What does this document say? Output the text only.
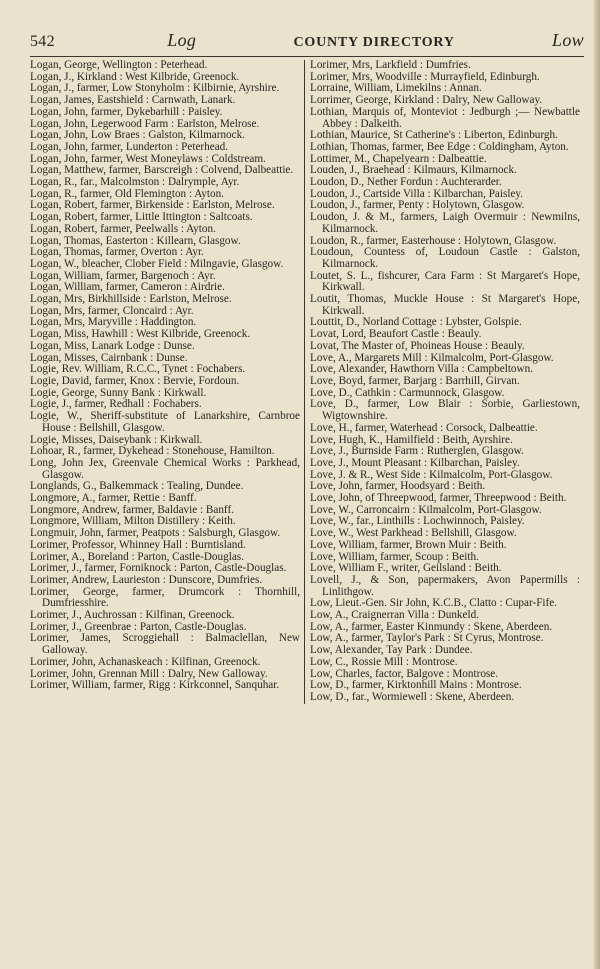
542	Log	COUNTY DIRECTORY	Low

Logan, George, Wellington : Peterhead.

Logan, J., Kirkland : West Kilbride, Greenock.

Logan, J., farmer, Low Stonyholm : Kilbirnie, Ayrshire.

Logan, James, Eastshield : Carnwath, Lanark.

Logan, John, farmer, Dykebarhill : Paisley.

Logan, John, Legerwood Farm : Earlston, Melrose.

Logan, John, Low Braes : Galston, Kilmarnock.

Logan, John, farmer, Lunderton : Peterhead.

Logan, John, farmer, West Moneylaws : Coldstream.

Logan, Matthew, farmer, Barscreigh : Colvend, Dalbeattie.

Logan, R., far., Malcolmston : Dalrymple, Ayr.

Logan, R., farmer, Old Flemington : Ayton.

Logan, Robert, farmer, Birkenside : Earlston, Melrose.

Logan, Robert, farmer, Little Ittington : Saltcoats.

Logan, Robert, farmer, Peelwalls : Ayton.

Logan, Thomas, Easterton : Killearn, Glasgow.

Logan, Thomas, farmer, Overton : Ayr.

Logan, W., bleacher, Clober Field : Milngavie, Glasgow.

Logan, William, farmer, Bargenoch : Ayr.

Logan, William, farmer, Cameron : Airdrie.

Logan, Mrs, Birkhillside : Earlston, Melrose.

Logan, Mrs, farmer, Cloncaird : Ayr.

Logan, Mrs, Maryville : Haddington.

Logan, Miss, Hawhill : West Kilbride, Greenock.

Logan, Miss, Lanark Lodge : Dunse.

Logan, Misses, Cairnbank : Dunse.

Logie, Rev. William, R.C.C., Tynet : Fochabers.

Logie, David, farmer, Knox : Bervie, Fordoun.

Logie, George, Sunny Bank : Kirkwall.

Logie, J., farmer, Redhall : Fochabers.

Logie, W., Sheriff-substitute of Lanarkshire, Carnbroe House : Bellshill, Glasgow.

Logie, Misses, Daiseybank : Kirkwall.

Lohoar, R., farmer, Dykehead : Stonehouse, Hamilton.

Long, John Jex, Greenvale Chemical Works : Parkhead, Glasgow.

Longlands, G., Balkemmack : Tealing, Dundee.

Longmore, A., farmer, Rettie : Banff.

Longmore, Andrew, farmer, Baldavie : Banff.

Longmore, William, Milton Distillery : Keith.

Longmuir, John, farmer, Peatpots : Salsburgh, Glasgow.

Lorimer, Professor, Whinney Hall : Burntisland.

Lorimer, A., Boreland : Parton, Castle-Douglas.

Lorimer, J., farmer, Forniknock : Parton, Castle-Douglas.

Lorimer, Andrew, Laurieston : Dunscore, Dumfries.

Lorimer, George, farmer, Drumcork : Thornhill, Dumfriesshire.

Lorimer, J., Auchrossan : Kilfinan, Greenock.

Lorimer, J., Greenbrae : Parton, Castle-Douglas.

Lorimer, James, Scroggiehall : Balmaclellan, New Galloway.

Lorimer, John, Achanaskeach : Kilfinan, Greenock.

Lorimer, John, Grennan Mill : Dalry, New Galloway.

Lorimer, William, farmer, Rigg : Kirkconnel, Sanquhar.

Lorimer, Mrs, Larkfield : Dumfries.

Lorimer, Mrs, Woodville : Murrayfield, Edinburgh.

Lorraine, William, Limekilns : Annan.

Lorrimer, George, Kirkland : Dalry, New Galloway.

Lothian, Marquis of, Monteviot : Jedburgh ;— Newbattle Abbey : Dalkeith.

Lothian, Maurice, St Catherine's : Liberton, Edinburgh.

Lothian, Thomas, farmer, Bee Edge : Coldingham, Ayton.

Lottimer, M., Chapelyearn : Dalbeattie.

Louden, J., Braehead : Kilmaurs, Kilmarnock.

Loudon, D., Nether Fordun : Auchterarder.

Loudon, J., Cartside Villa : Kilbarchan, Paisley.

Loudon, J., farmer, Penty : Holytown, Glasgow.

Loudon, J. & M., farmers, Laigh Overmuir : Newmilns, Kilmarnock.

Loudon, R., farmer, Easterhouse : Holytown, Glasgow.

Loudoun, Countess of, Loudoun Castle : Galston, Kilmarnock.

Loutet, S. L., fishcurer, Cara Farm : St Margaret's Hope, Kirkwall.

Loutit, Thomas, Muckle House : St Margaret's Hope, Kirkwall.

Louttit, D., Norland Cottage : Lybster, Golspie.

Lovat, Lord, Beaufort Castle : Beauly.

Lovat, The Master of, Phoineas House : Beauly.

Love, A., Margarets Mill : Kilmalcolm, Port-Glasgow.

Love, Alexander, Hawthorn Villa : Campbeltown.

Love, Boyd, farmer, Barjarg : Barrhill, Girvan.

Love, D., Cathkin : Carmunnock, Glasgow.

Love, D., farmer, Low Blair : Sorbie, Garliestown, Wigtownshire.

Love, H., farmer, Waterhead : Corsock, Dalbeattie.

Love, Hugh, K., Hamilfield : Beith, Ayrshire.

Love, J., Burnside Farm : Rutherglen, Glasgow.

Love, J., Mount Pleasant : Kilbarchan, Paisley.

Love, J. & R., West Side : Kilmalcolm, Port-Glasgow.

Love, John, farmer, Hoodsyard : Beith.

Love, John, of Threepwood, farmer, Threepwood : Beith.

Love, W., Carroncairn : Kilmalcolm, Port-Glasgow.

Love, W., far., Linthills : Lochwinnoch, Paisley.

Love, W., West Parkhead : Bellshill, Glasgow.

Love, William, farmer, Brown Muir : Beith.

Love, William, farmer, Scoup : Beith.

Love, William F., writer, Geilsland : Beith.

Lovell, J., & Son, papermakers, Avon Papermills : Linlithgow.

Low, Lieut.-Gen. Sir John, K.C.B., Clatto : Cupar-Fife.

Low, A., Craignerran Villa : Dunkeld.

Low, A., farmer, Easter Kinmundy : Skene, Aberdeen.

Low, A., farmer, Taylor's Park : St Cyrus, Montrose.

Low, Alexander, Tay Park : Dundee.

Low, C., Rossie Mill : Montrose.

Low, Charles, factor, Balgove : Montrose.

Low, D., farmer, Kirktonhill Mains : Montrose.

Low, D., far., Wormiewell : Skene, Aberdeen.
